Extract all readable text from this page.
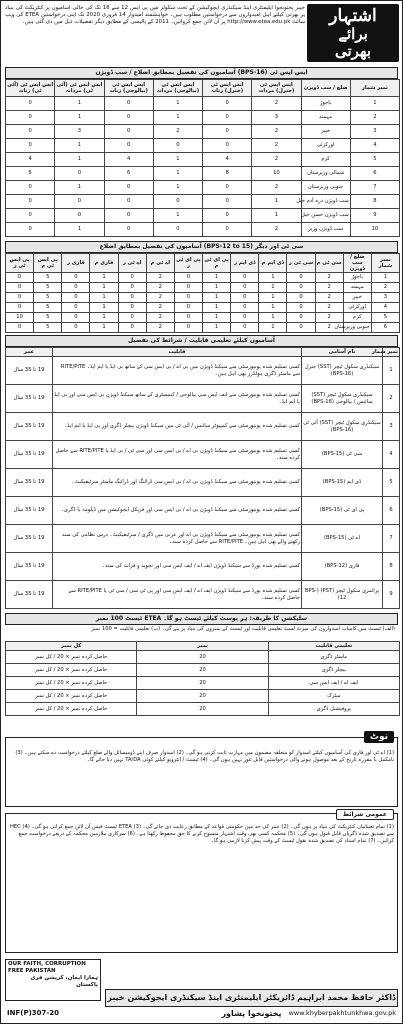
خیبر پختونخوا ایلیمنٹری اینڈ سیکنڈری ایجوکیشن کے تحت سکولز میں بی ایس 12 سے 16 تک کی خالی اسامیوں پر کنٹریکٹ کی بنیاد پر بھرتی کیلئے اہل امیدواروں سے درخواستیں مطلوب ہیں۔ خواہشمند امیدوار 14 فروری 2020 تک اپنی درخواستیں ETEA کی ویب سائٹ http://www.etea.edu.pk پر آن لائن جمع کروائیں۔ 2011 کے پالیسی کے مطابق دیگر تفصیلات ذیل میں دی گئی ہیں۔ اشتہار
برائے
بھرتی
ایس ایس ٹی (BPS-16) آسامیوں کی تفصیل بمطابق اضلاع / سب ڈویژن
نمبر شمار	ضلع / سب ڈویژن	ایس ایس ٹی (جنرل) مردانہ	ایس ایس ٹی (جنرل) زنانہ	ایس ایس ٹی (بیالوجی) مردانہ	ایس ایس ٹی (بیالوجی) زنانہ	ایس ایس ٹی (آئی ٹی) مردانہ	ایس ایس ٹی (آئی ٹی) زنانہ
1	باجوڑ	2	0	1	0	1	0
2	مہمند	3	0	1	0	1	0
3	خیبر	2	0	2	0	3	0
4	اورکزئی	2	0	0	0	1	0
5	کرم	2	4	1	4	1	4
6	شمالی وزیرستان	10	8	1	6	0	5
7	جنوبی وزیرستان	2	0	1	0	1	0
8	سب ڈویژن درہ آدم خیل	1	0	0	0	0	0
9	سب ڈویژن حسن خیل	1	0	1	0	0	0
10	سب ڈویژن وزیر	2	0	0	0	1	0
سی ٹی اور دیگر (BPS-12 to 15) آسامیوں کی تفصیل بمطابق اضلاع
نمبر شمار	ضلع / سب ڈویژن	سی ٹی م	سی ٹی ز	ڈی ایم م	ڈی ایم ز	پی ای ٹی م	پی ای ٹی ز	اے ٹی م	اے ٹی ز	قاری م	قاری ز	پی ایس ٹی م	پی ایس ٹی ز
1	باجوڑ	2	0	1	0	1	0	2	0	1	0	5	0
2	مہمند	2	0	1	0	1	0	2	0	1	0	5	0
3	خیبر	2	0	1	0	1	0	2	0	1	0	5	0
4	اورکزئی	2	0	1	0	1	0	2	0	1	0	5	0
5	کرم	2	0	1	0	1	0	2	0	1	0	5	10
6	جنوبی وزیرستان	2	0	1	0	1	0	2	0	1	0	5	0
آسامیوں کیلئے تعلیمی قابلیت / شرائط کی تفصیل
نمبر شمار	نام آسامی	قابلیت	عمر
1	سیکنڈری سکول ٹیچر (SST) جنرل (BPS-16)	کسی تسلیم شدہ یونیورسٹی سے سیکنڈ ڈویژن میں بی اے / بی ایس سی کے ساتھ بی ایڈ یا ایم ایڈ۔ RITE/PITE سے ماسٹر ڈگری ہولڈرز بھی اہل ہیں۔	19 تا 35 سال
2	سیکنڈری سکول ٹیچر (SST) سائنس / بیالوجی (BPS-16)	کسی تسلیم شدہ یونیورسٹی سے ایف ایس سی بیالوجی / کیمسٹری کے ساتھ سیکنڈ ڈویژن بی ایس سی اور بی ایڈ یا ایم ایڈ۔	19 تا 35 سال
3	سیکنڈری سکول ٹیچر (SST) آئی ٹی (BPS-16)	کسی تسلیم شدہ یونیورسٹی سے کمپیوٹر سائنس / آئی ٹی میں سیکنڈ ڈویژن بیچلر ڈگری اور بی ایڈ یا ایم ایڈ۔	19 تا 35 سال
4	سی ٹی (BPS-15)	کسی تسلیم شدہ یونیورسٹی سے سیکنڈ ڈویژن بی اے / بی ایس سی اور سی ٹی / بی ایڈ یا RITE/PITE سے حاصل کردہ سند۔	19 تا 35 سال
5	ڈی ایم (BPS-15)	کسی تسلیم شدہ یونیورسٹی سے سیکنڈ ڈویژن بی اے / بی ایس سی ڈرائنگ اور ڈرائنگ ماسٹر سرٹیفیکیٹ۔	19 تا 35 سال
6	پی ای ٹی (BPS-15)	کسی تسلیم شدہ یونیورسٹی سے سیکنڈ ڈویژن بی اے / بی ایس سی اور فزیکل ایجوکیشن میں ڈپلومہ یا ڈگری۔	19 تا 35 سال
7	اے ٹی (BPS-15)	کسی تسلیم شدہ یونیورسٹی سے سیکنڈ ڈویژن بی اے اور عربی میں ڈگری / سرٹیفیکیٹ۔ درس نظامی کی سند رکھنے والے بھی اہل ہیں۔ RITE/PITE سے حاصل کردہ سند۔	19 تا 35 سال
8	قاری (BPS-12)	کسی تسلیم شدہ بورڈ سے سیکنڈ ڈویژن ایف اے / ایف ایس سی اور تجوید و قرات کی سند۔	19 تا 35 سال
9	پرائمری سکول ٹیچر (PST) (BPS-12)	کسی تسلیم شدہ بورڈ سے سیکنڈ ڈویژن ایف اے / ایف ایس سی اور پی ٹی سی / سی ٹی یا RITE/PITE سے حاصل کردہ سند۔	19 تا 35 سال
سلیکشن کا طریقہ: ہر پوسٹ کیلئے ٹیسٹ ہو گا۔ ETEA ٹیسٹ 100 نمبر
(الف) ٹیسٹ میں کامیاب امیدواروں کی میرٹ لسٹ تعلیمی قابلیت اور ٹیسٹ کے نمبروں کی بنیاد پر بنے گی۔ (ب) تعلیمی قابلیت = 100 نمبر
تعلیمی قابلیت	نمبر	کل نمبر
ماسٹر ڈگری	20	حاصل کردہ نمبر × 20 / کل نمبر
بیچلر ڈگری	20	حاصل کردہ نمبر × 20 / کل نمبر
ایف اے / ایف ایس سی	20	حاصل کردہ نمبر × 20 / کل نمبر
میٹرک	20	حاصل کردہ نمبر × 20 / کل نمبر
پروفیشنل ڈگری	20	حاصل کردہ نمبر × 20 / کل نمبر
(1) اے ٹی اور قاری کی آسامیوں کیلئے امیدوار کو متعلقہ مضمون میں مہارت ثابت کرنی ہو گی۔ (2) امیدوار صرف اپنے ڈومیسائل والے ضلع کیلئے درخواست دے سکتے ہیں۔ (3) نامکمل یا مقررہ تاریخ کے بعد موصول ہونے والی درخواستیں قابل غور نہیں ہوں گی۔ (4) ٹیسٹ / انٹرویو کیلئے کوئی TA/DA نہیں دیا جائے گا۔
نوٹ
(1) تمام تعیناتیاں کنٹریکٹ کی بنیاد پر ہوں گی۔ (2) عمر کی حد میں حکومتی قواعد کے مطابق رعایت دی جائے گی۔ (3) ETEA ٹیسٹ فیس آن لائن جمع کرانی ہو گی۔ (4) HEC سے تصدیق شدہ ڈگریاں قابل قبول ہوں گی۔ (5) محکمہ کسی بھی وقت اشتہار منسوخ کرنے کا حق محفوظ رکھتا ہے۔ (6) سرکاری ملازمین محکمہ کے ذریعے درخواست جمع کرائیں۔ (7) تمام اسناد کی تصدیق شدہ نقول ٹیسٹ کے وقت پیش کرنا لازمی ہو گا۔
عمومی شرائط
OUR FAITH, CORRUPTION FREE PAKISTAN
ہمارا ایمان، کرپشن فری پاکستان
ڈاکٹر حافظ محمد ابراہیم ڈائریکٹر ایلیمنٹری اینڈ سیکنڈری ایجوکیشن خیبر پختونخوا پشاور
INF(P)307-20	www.khyberpakhtunkhwa.gov.pk
